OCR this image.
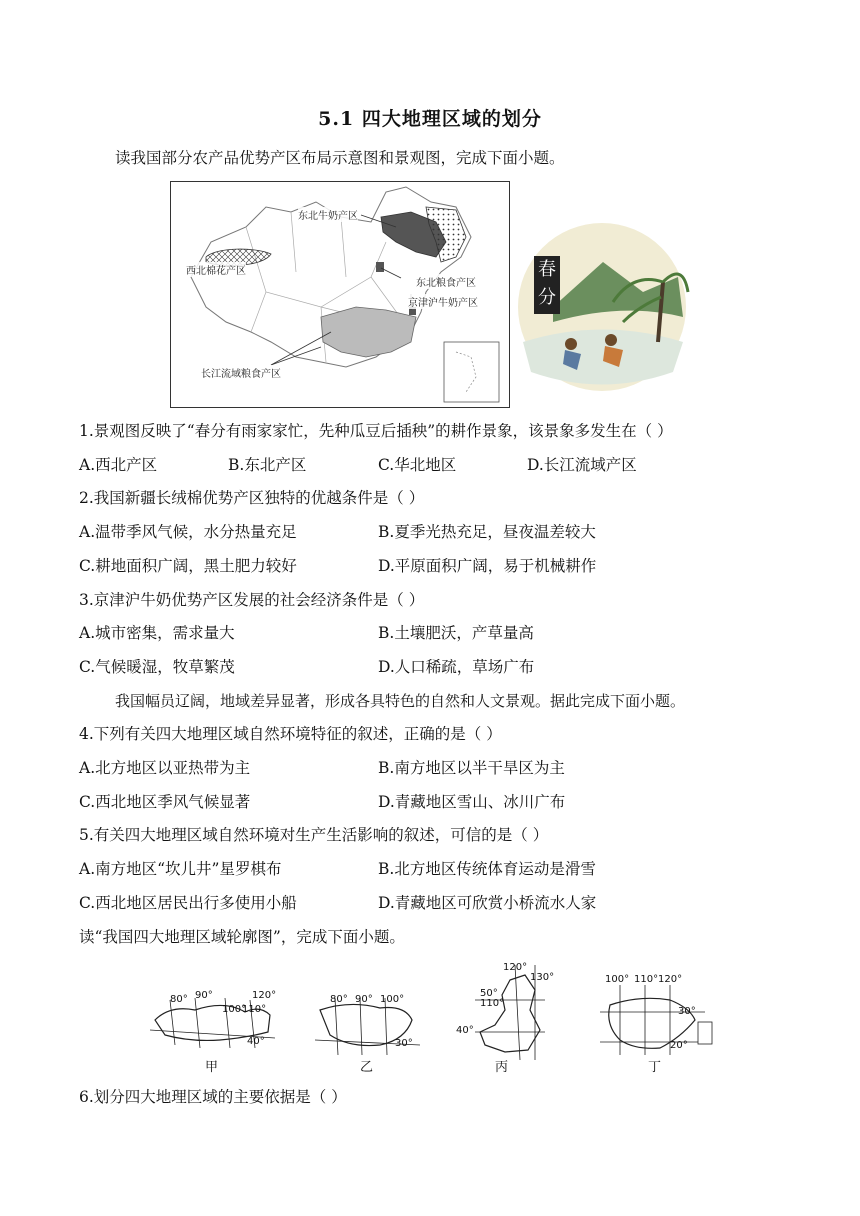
5.1 四大地理区域的划分
读我国部分农产品优势产区布局示意图和景观图，完成下面小题。
东北牛奶产区
西北棉花产区
东北粮食产区
京津沪牛奶产区
长江流域粮食产区
春
分
1.景观图反映了“春分有雨家家忙，先种瓜豆后插秧”的耕作景象，该景象多发生在（ ）
A.西北产区	B.东北产区	C.华北地区	D.长江流域产区
2.我国新疆长绒棉优势产区独特的优越条件是（ ）
A.温带季风气候，水分热量充足	B.夏季光热充足，昼夜温差较大
C.耕地面积广阔，黑土肥力较好	D.平原面积广阔，易于机械耕作
3.京津沪牛奶优势产区发展的社会经济条件是（ ）
A.城市密集，需求量大	B.土壤肥沃，产草量高
C.气候暖湿，牧草繁茂	D.人口稀疏，草场广布
我国幅员辽阔，地域差异显著，形成各具特色的自然和人文景观。据此完成下面小题。
4.下列有关四大地理区域自然环境特征的叙述，正确的是（ ）
A.北方地区以亚热带为主	B.南方地区以半干旱区为主
C.西北地区季风气候显著	D.青藏地区雪山、冰川广布
5.有关四大地理区域自然环境对生产生活影响的叙述，可信的是（ ）
A.南方地区“坎儿井”星罗棋布	B.北方地区传统体育运动是滑雪
C.西北地区居民出行多使用小船	D.青藏地区可欣赏小桥流水人家
读“我国四大地理区域轮廓图”，完成下面小题。
80° 90°
100°
110°
120°
40°
甲
80° 90° 100°
30°
乙
120°
130°
50°
110°
40°
丙
100° 110° 120°
30°
20°
丁
6.划分四大地理区域的主要依据是（ ）
